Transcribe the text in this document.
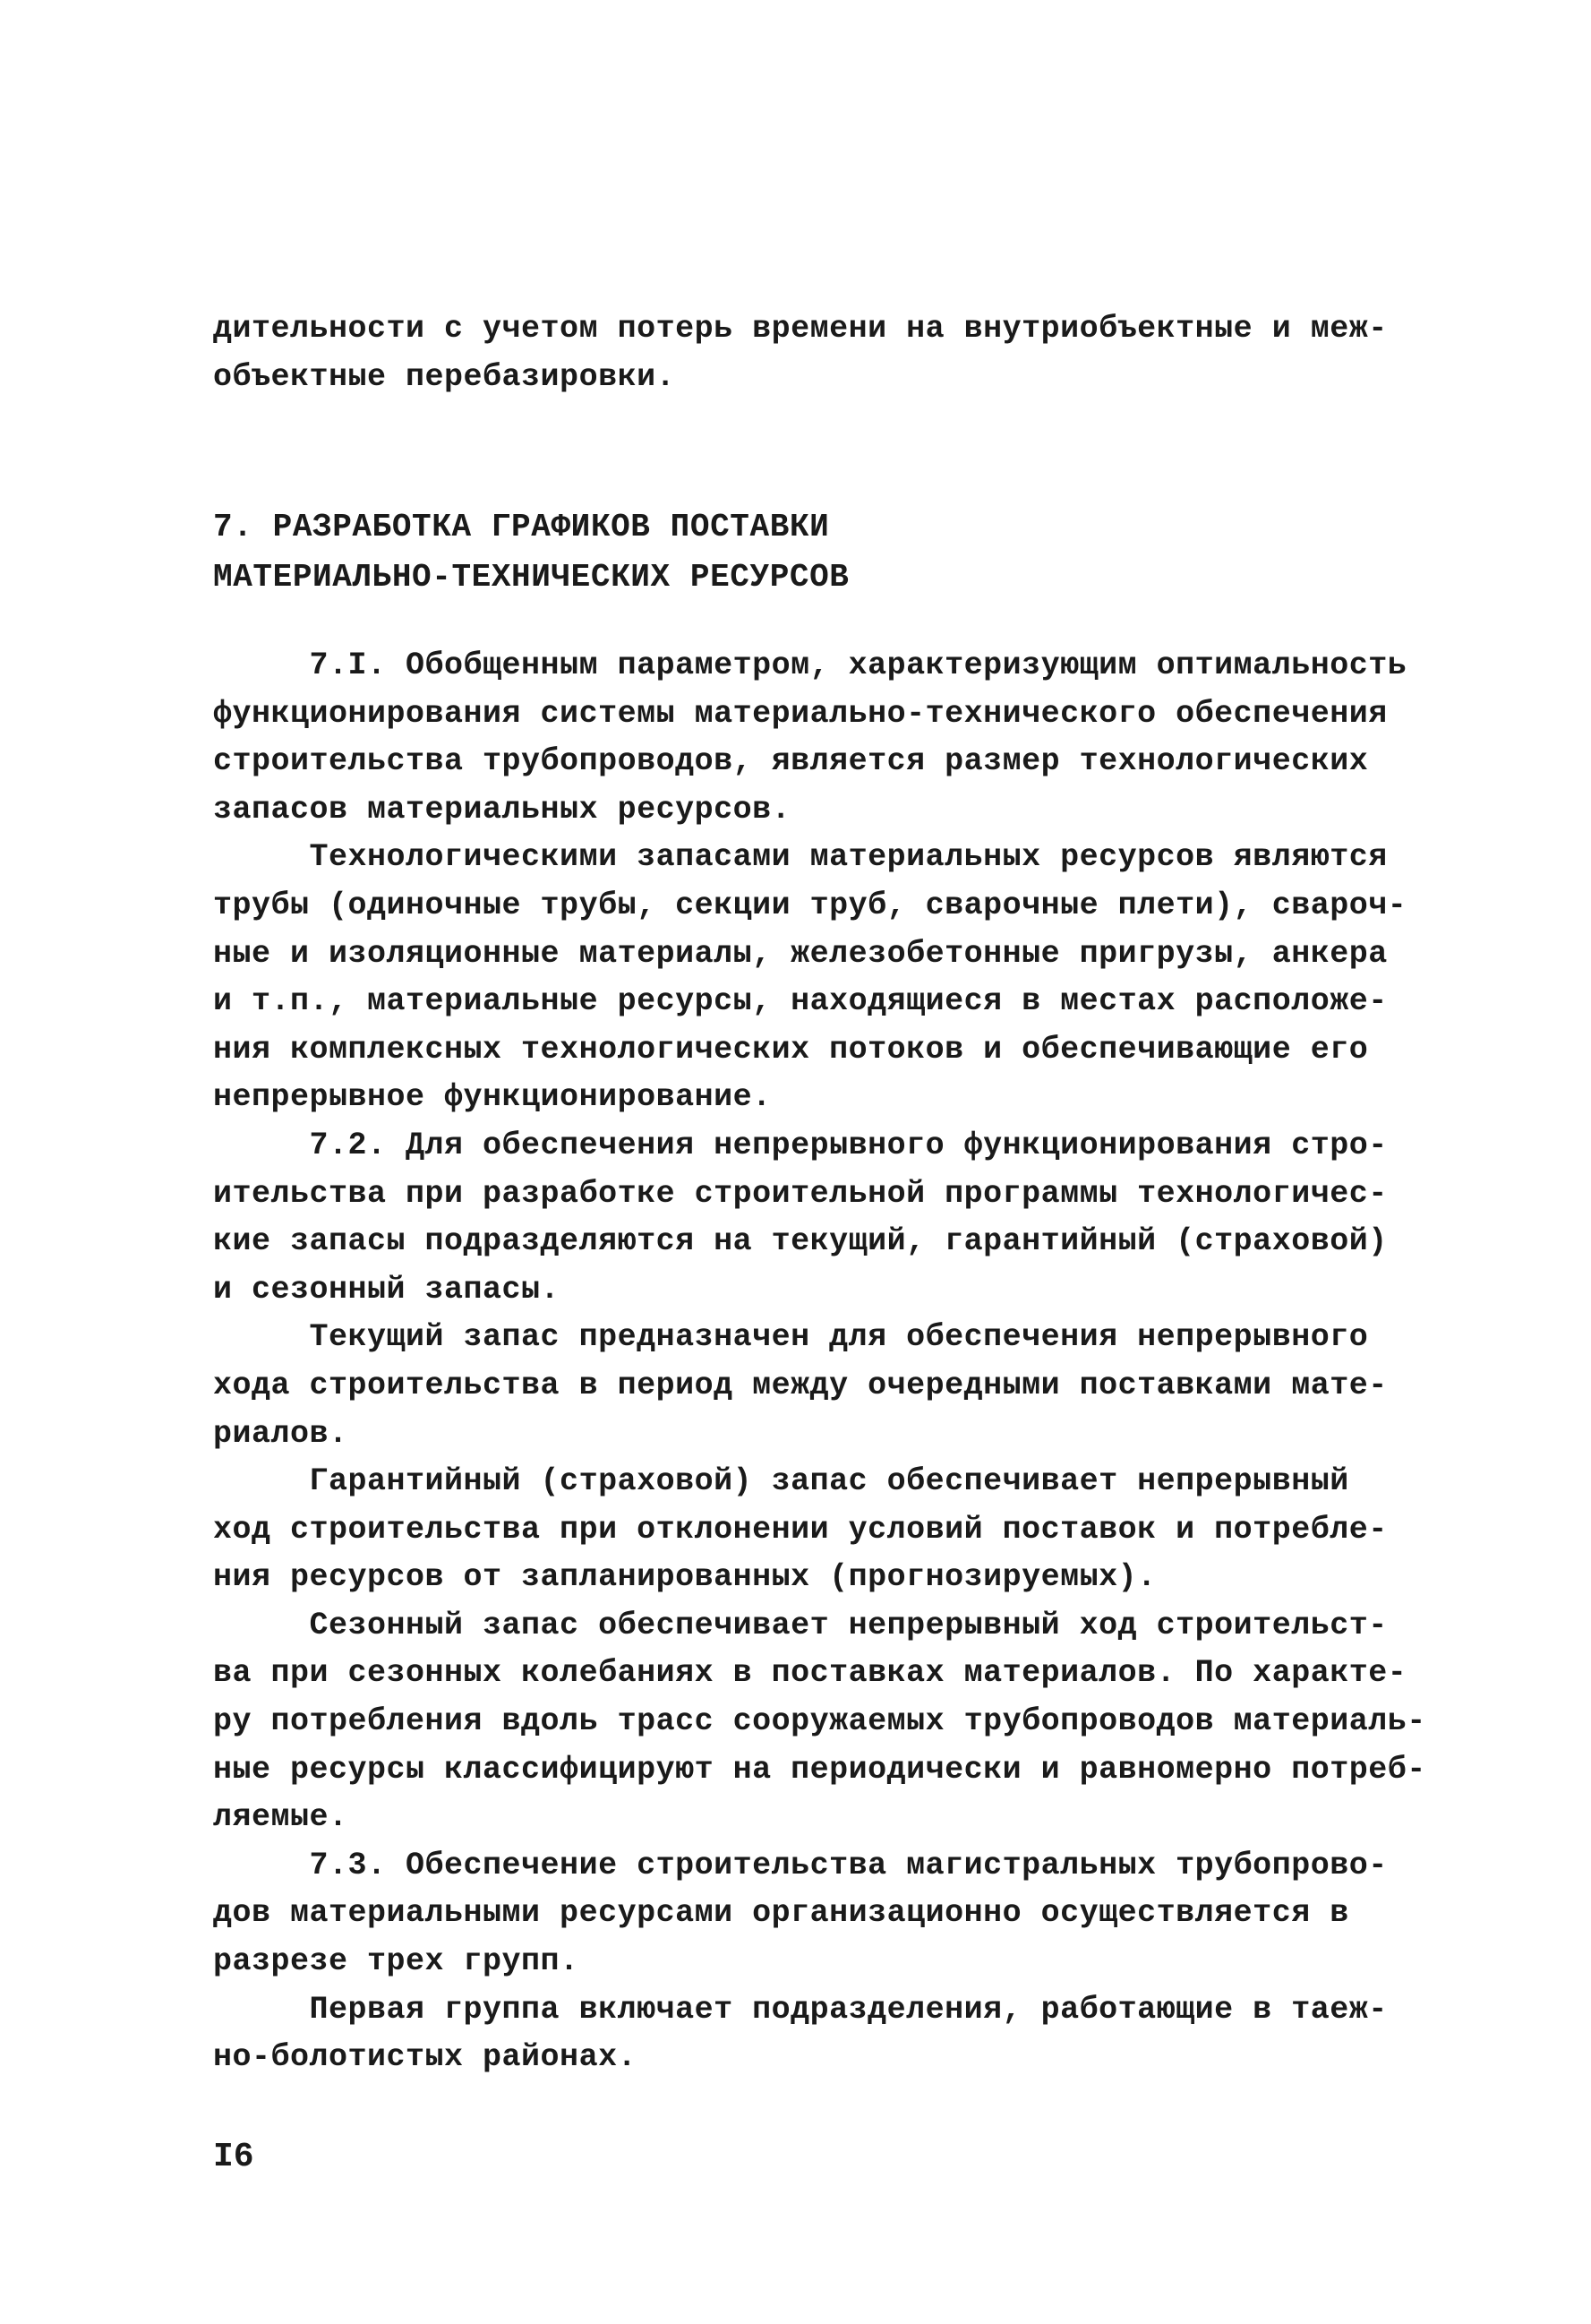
дительности с учетом потерь времени на внутриобъектные и меж-
объектные перебазировки.
7. РАЗРАБОТКА ГРАФИКОВ ПОСТАВКИ
МАТЕРИАЛЬНО-ТЕХНИЧЕСКИХ РЕСУРСОВ
7.I. Обобщенным параметром, характеризующим оптимальность
функционирования системы материально-технического обеспечения
строительства трубопроводов, является размер технологических
запасов материальных ресурсов.
Технологическими запасами материальных ресурсов являются
трубы (одиночные трубы, секции труб, сварочные плети), свароч-
ные и изоляционные материалы, железобетонные пригрузы, анкера
и т.п., материальные ресурсы, находящиеся в местах расположе-
ния комплексных технологических потоков и обеспечивающие его
непрерывное функционирование.
7.2. Для обеспечения непрерывного функционирования стро-
ительства при разработке строительной программы технологичес-
кие запасы подразделяются на текущий, гарантийный (страховой)
и сезонный запасы.
Текущий запас предназначен для обеспечения непрерывного
хода строительства в период между очередными поставками мате-
риалов.
Гарантийный (страховой) запас обеспечивает непрерывный
ход строительства при отклонении условий поставок и потребле-
ния ресурсов от запланированных (прогнозируемых).
Сезонный запас обеспечивает непрерывный ход строительст-
ва при сезонных колебаниях в поставках материалов. По характе-
ру потребления вдоль трасс сооружаемых трубопроводов материаль-
ные ресурсы классифицируют на периодически и равномерно потреб-
ляемые.
7.3. Обеспечение строительства магистральных трубопрово-
дов материальными ресурсами организационно осуществляется в
разрезе трех групп.
Первая группа включает подразделения, работающие в таеж-
но-болотистых районах.
I6
